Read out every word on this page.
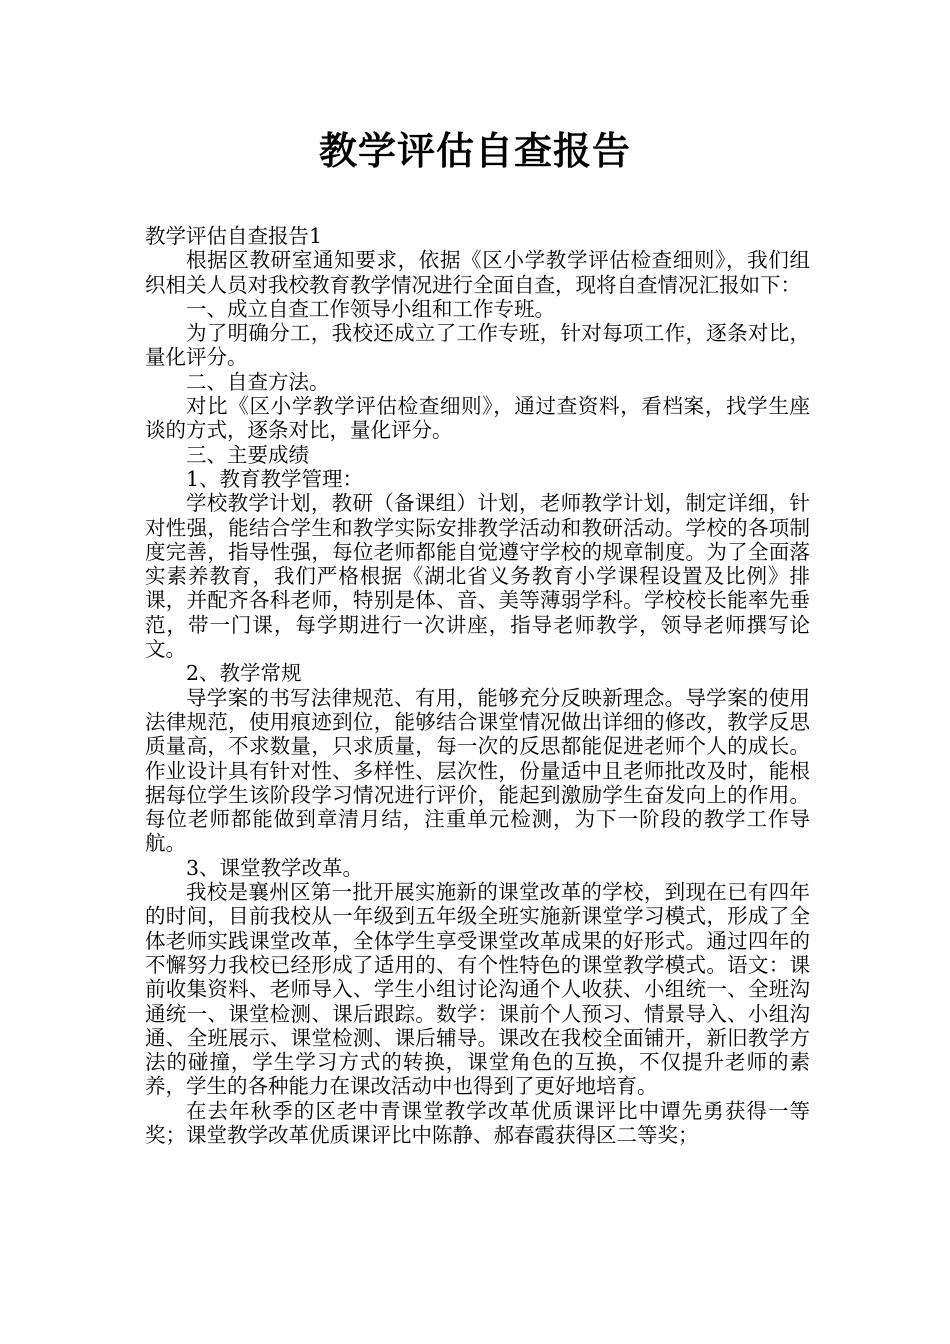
教学评估自查报告

教学评估自查报告1

根据区教研室通知要求，依据《区小学教学评估检查细则》，我们组织相关人员对我校教育教学情况进行全面自查，现将自查情况汇报如下：

一、成立自查工作领导小组和工作专班。

为了明确分工，我校还成立了工作专班，针对每项工作，逐条对比，量化评分。

二、自查方法。

对比《区小学教学评估检查细则》，通过查资料，看档案，找学生座谈的方式，逐条对比，量化评分。

三、主要成绩

1、教育教学管理：

学校教学计划，教研（备课组）计划，老师教学计划，制定详细，针对性强，能结合学生和教学实际安排教学活动和教研活动。学校的各项制度完善，指导性强，每位老师都能自觉遵守学校的规章制度。为了全面落实素养教育，我们严格根据《湖北省义务教育小学课程设置及比例》排课，并配齐各科老师，特别是体、音、美等薄弱学科。学校校长能率先垂范，带一门课，每学期进行一次讲座，指导老师教学，领导老师撰写论文。

2、教学常规

导学案的书写法律规范、有用，能够充分反映新理念。导学案的使用法律规范，使用痕迹到位，能够结合课堂情况做出详细的修改，教学反思质量高，不求数量，只求质量，每一次的反思都能促进老师个人的成长。作业设计具有针对性、多样性、层次性，份量适中且老师批改及时，能根据每位学生该阶段学习情况进行评价，能起到激励学生奋发向上的作用。每位老师都能做到章清月结，注重单元检测，为下一阶段的教学工作导航。

3、课堂教学改革。

我校是襄州区第一批开展实施新的课堂改革的学校，到现在已有四年的时间，目前我校从一年级到五年级全班实施新课堂学习模式，形成了全体老师实践课堂改革，全体学生享受课堂改革成果的好形式。通过四年的不懈努力我校已经形成了适用的、有个性特色的课堂教学模式。语文：课前收集资料、老师导入、学生小组讨论沟通个人收获、小组统一、全班沟通统一、课堂检测、课后跟踪。数学：课前个人预习、情景导入、小组沟通、全班展示、课堂检测、课后辅导。课改在我校全面铺开，新旧教学方法的碰撞，学生学习方式的转换，课堂角色的互换，不仅提升老师的素养，学生的各种能力在课改活动中也得到了更好地培育。

在去年秋季的区老中青课堂教学改革优质课评比中谭先勇获得一等奖；课堂教学改革优质课评比中陈静、郝春霞获得区二等奖；
